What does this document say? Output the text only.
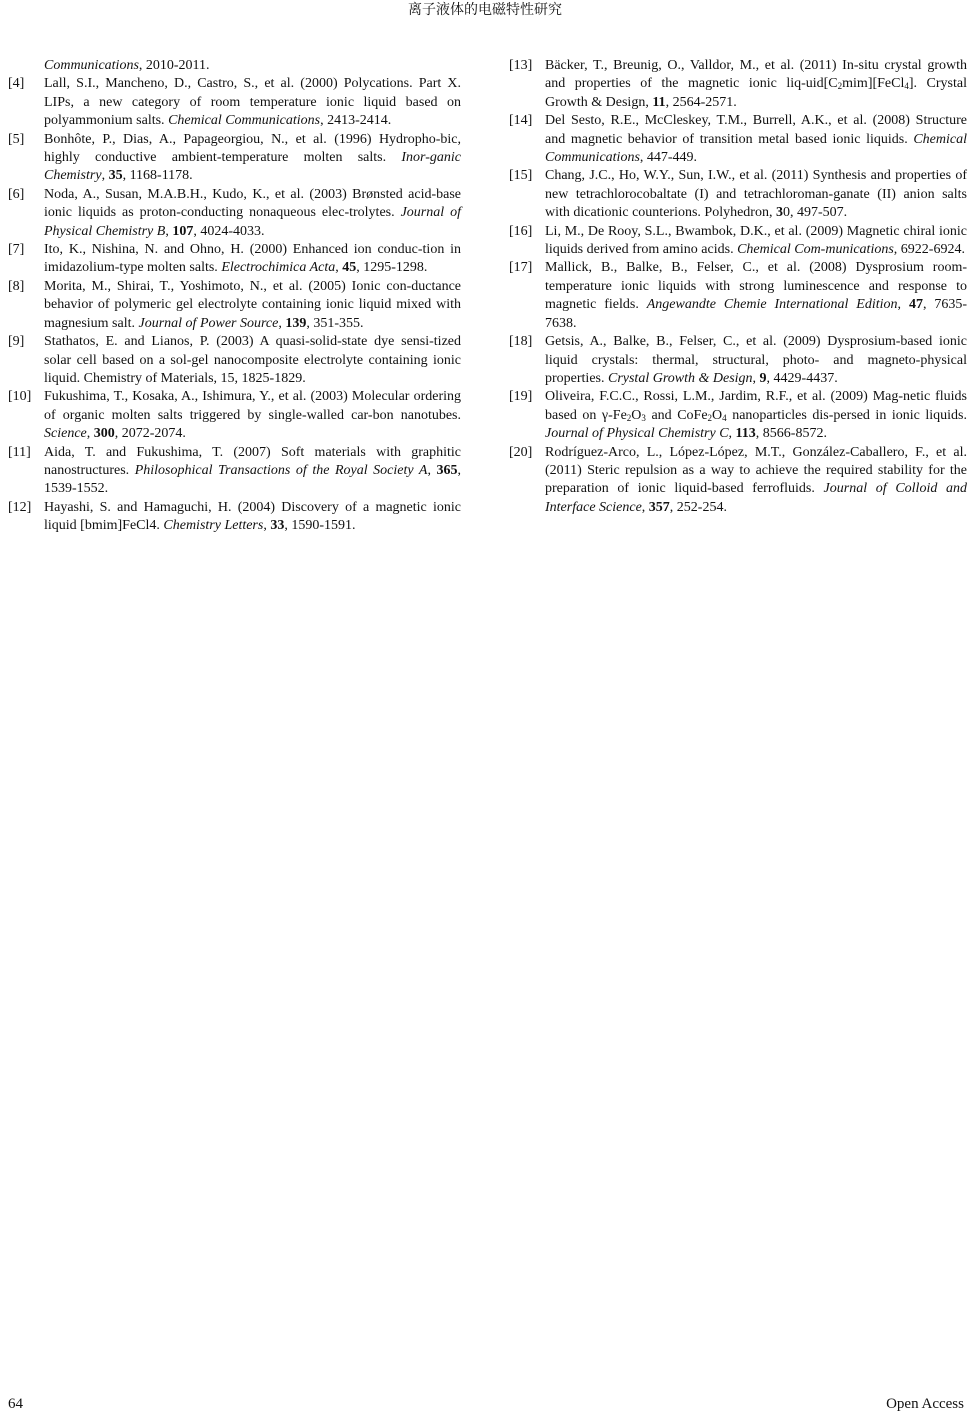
离子液体的电磁特性研究
Communications, 2010-2011.
[4] Lall, S.I., Mancheno, D., Castro, S., et al. (2000) Polycations. Part X. LIPs, a new category of room temperature ionic liquid based on polyammonium salts. Chemical Communications, 2413-2414.
[5] Bonhôte, P., Dias, A., Papageorgiou, N., et al. (1996) Hydropho-bic, highly conductive ambient-temperature molten salts. Inor-ganic Chemistry, 35, 1168-1178.
[6] Noda, A., Susan, M.A.B.H., Kudo, K., et al. (2003) Brønsted acid-base ionic liquids as proton-conducting nonaqueous elec-trolytes. Journal of Physical Chemistry B, 107, 4024-4033.
[7] Ito, K., Nishina, N. and Ohno, H. (2000) Enhanced ion conduc-tion in imidazolium-type molten salts. Electrochimica Acta, 45, 1295-1298.
[8] Morita, M., Shirai, T., Yoshimoto, N., et al. (2005) Ionic con-ductance behavior of polymeric gel electrolyte containing ionic liquid mixed with magnesium salt. Journal of Power Source, 139, 351-355.
[9] Stathatos, E. and Lianos, P. (2003) A quasi-solid-state dye sensi-tized solar cell based on a sol-gel nanocomposite electrolyte containing ionic liquid. Chemistry of Materials, 15, 1825-1829.
[10] Fukushima, T., Kosaka, A., Ishimura, Y., et al. (2003) Molecular ordering of organic molten salts triggered by single-walled car-bon nanotubes. Science, 300, 2072-2074.
[11] Aida, T. and Fukushima, T. (2007) Soft materials with graphitic nanostructures. Philosophical Transactions of the Royal Society A, 365, 1539-1552.
[12] Hayashi, S. and Hamaguchi, H. (2004) Discovery of a magnetic ionic liquid [bmim]FeCl4. Chemistry Letters, 33, 1590-1591.
[13] Bäcker, T., Breunig, O., Valldor, M., et al. (2011) In-situ crystal growth and properties of the magnetic ionic liq-$uid[C_2mim][FeCl_4]$. Crystal Growth & Design, 11, 2564-2571.
[14] Del Sesto, R.E., McCleskey, T.M., Burrell, A.K., et al. (2008) Structure and magnetic behavior of transition metal based ionic liquids. Chemical Communications, 447-449.
[15] Chang, J.C., Ho, W.Y., Sun, I.W., et al. (2011) Synthesis and properties of new tetrachlorocobaltate (I) and tetrachloroman-ganate (II) anion salts with dicationic counterions. Polyhedron, 30, 497-507.
[16] Li, M., De Rooy, S.L., Bwambok, D.K., et al. (2009) Magnetic chiral ionic liquids derived from amino acids. Chemical Com-munications, 6922-6924.
[17] Mallick, B., Balke, B., Felser, C., et al. (2008) Dysprosium room-temperature ionic liquids with strong luminescence and response to magnetic fields. Angewandte Chemie International Edition, 47, 7635-7638.
[18] Getsis, A., Balke, B., Felser, C., et al. (2009) Dysprosium-based ionic liquid crystals: thermal, structural, photo- and magneto-physical properties. Crystal Growth & Design, 9, 4429-4437.
[19] Oliveira, F.C.C., Rossi, L.M., Jardim, R.F., et al. (2009) Mag-netic fluids based on $\gamma-Fe_2O_3$ and $CoFe_2O_4$ nanoparticles dis-persed in ionic liquids. Journal of Physical Chemistry C, 113, 8566-8572.
[20] Rodríguez-Arco, L., López-López, M.T., González-Caballero, F., et al. (2011) Steric repulsion as a way to achieve the required stability for the preparation of ionic liquid-based ferrofluids. Journal of Colloid and Interface Science, 357, 252-254.
64	Open Access
